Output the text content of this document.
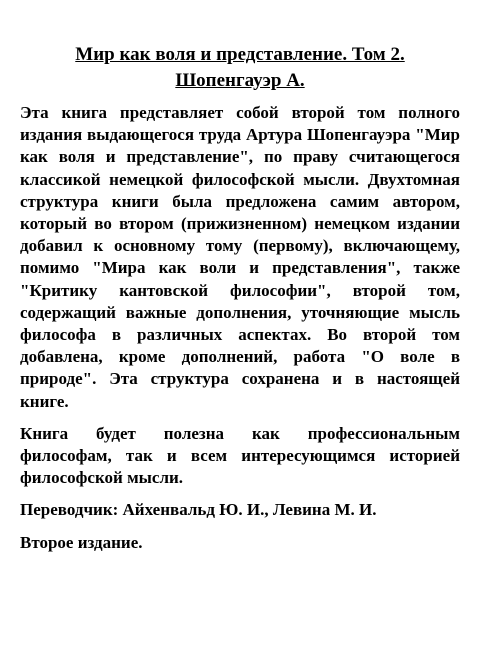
Мир как воля и представление. Том 2.
Шопенгауэр А.

Эта книга представляет собой второй том полного издания выдающегося труда Артура Шопенгауэра "Мир как воля и представление", по праву считающегося классикой немецкой философской мысли. Двухтомная структура книги была предложена самим автором, который во втором (прижизненном) немецком издании добавил к основному тому (первому), включающему, помимо "Мира как воли и представления", также "Критику кантовской философии", второй том, содержащий важные дополнения, уточняющие мысль философа в различных аспектах. Во второй том добавлена, кроме дополнений, работа "О воле в природе". Эта структура сохранена и в настоящей книге.

Книга будет полезна как профессиональным философам, так и всем интересующимся историей философской мысли.

Переводчик: Айхенвальд Ю. И., Левина М. И.

Второе издание.
